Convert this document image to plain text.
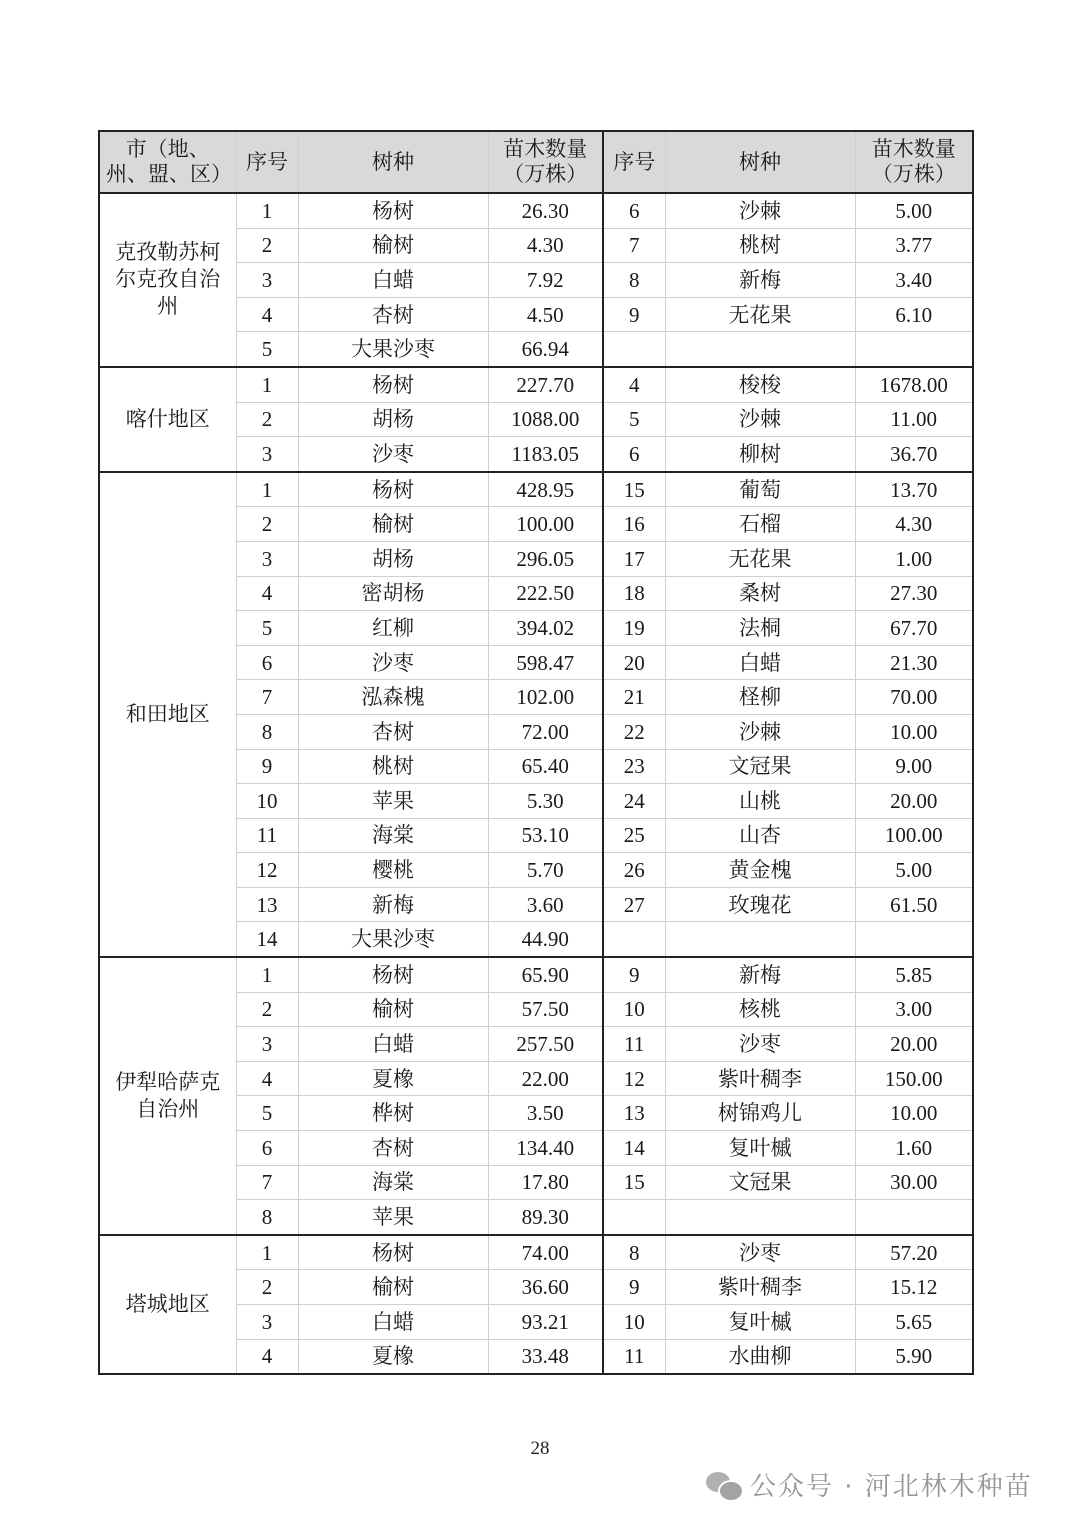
市（地、州、盟、区）	序号	树种	苗木数量（万株）	序号	树种	苗木数量（万株）
克孜勒苏柯尔克孜自治州	1	杨树	26.30	6	沙棘	5.00
	2	榆树	4.30	7	桃树	3.77
	3	白蜡	7.92	8	新梅	3.40
	4	杏树	4.50	9	无花果	6.10
	5	大果沙枣	66.94			
喀什地区	1	杨树	227.70	4	梭梭	1678.00
	2	胡杨	1088.00	5	沙棘	11.00
	3	沙枣	1183.05	6	柳树	36.70
和田地区	1	杨树	428.95	15	葡萄	13.70
	2	榆树	100.00	16	石榴	4.30
	3	胡杨	296.05	17	无花果	1.00
	4	密胡杨	222.50	18	桑树	27.30
	5	红柳	394.02	19	法桐	67.70
	6	沙枣	598.47	20	白蜡	21.30
	7	泓森槐	102.00	21	柽柳	70.00
	8	杏树	72.00	22	沙棘	10.00
	9	桃树	65.40	23	文冠果	9.00
	10	苹果	5.30	24	山桃	20.00
	11	海棠	53.10	25	山杏	100.00
	12	樱桃	5.70	26	黄金槐	5.00
	13	新梅	3.60	27	玫瑰花	61.50
	14	大果沙枣	44.90			
伊犁哈萨克自治州	1	杨树	65.90	9	新梅	5.85
	2	榆树	57.50	10	核桃	3.00
	3	白蜡	257.50	11	沙枣	20.00
	4	夏橡	22.00	12	紫叶稠李	150.00
	5	桦树	3.50	13	树锦鸡儿	10.00
	6	杏树	134.40	14	复叶槭	1.60
	7	海棠	17.80	15	文冠果	30.00
	8	苹果	89.30			
塔城地区	1	杨树	74.00	8	沙枣	57.20
	2	榆树	36.60	9	紫叶稠李	15.12
	3	白蜡	93.21	10	复叶槭	5.65
	4	夏橡	33.48	11	水曲柳	5.90
28
公众号 · 河北林木种苗
